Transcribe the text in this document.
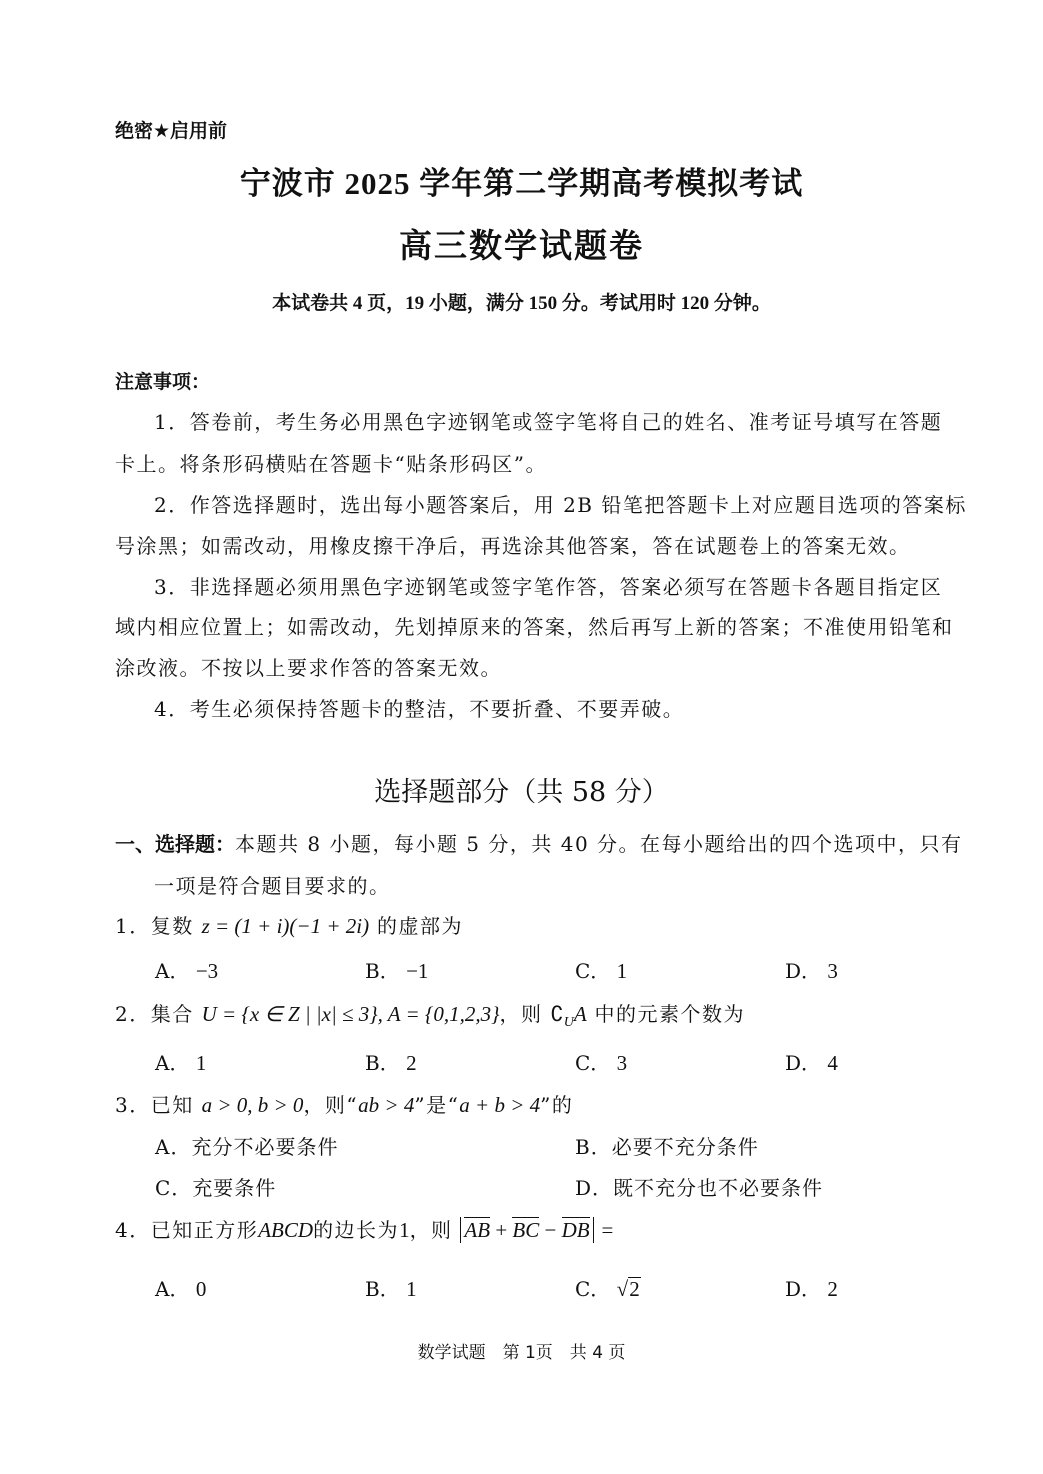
绝密★启用前
宁波市 2025 学年第二学期高考模拟考试
高三数学试题卷
本试卷共 4 页，19 小题，满分 150 分。考试用时 120 分钟。
注意事项：
1．答卷前，考生务必用黑色字迹钢笔或签字笔将自己的姓名、准考证号填写在答题
卡上。将条形码横贴在答题卡“贴条形码区”。
2．作答选择题时，选出每小题答案后，用 2B 铅笔把答题卡上对应题目选项的答案标
号涂黑；如需改动，用橡皮擦干净后，再选涂其他答案，答在试题卷上的答案无效。
3．非选择题必须用黑色字迹钢笔或签字笔作答，答案必须写在答题卡各题目指定区
域内相应位置上；如需改动，先划掉原来的答案，然后再写上新的答案；不准使用铅笔和
涂改液。不按以上要求作答的答案无效。
4．考生必须保持答题卡的整洁，不要折叠、不要弄破。
选择题部分（共 58 分）
一、选择题：本题共 8 小题，每小题 5 分，共 40 分。在每小题给出的四个选项中，只有
一项是符合题目要求的。
1．复数 z = (1 + i)(−1 + 2i) 的虚部为
A． −3	B． −1	C． 1	D． 3
2．集合 U = {x ∈ Z | |x| ≤ 3}, A = {0,1,2,3}，则 $∁_UA$ 中的元素个数为
A． 1	B． 2	C． 3	D． 4
3．已知 a > 0, b > 0，则“ab > 4”是“a + b > 4”的
A．充分不必要条件	B．必要不充分条件
C．充要条件	D．既不充分也不必要条件
4．已知正方形ABCD的边长为1，则 AB + BC − DB =
A． 0	B． 1	C． √2	D． 2
数学试题　第 1页　共 4 页
